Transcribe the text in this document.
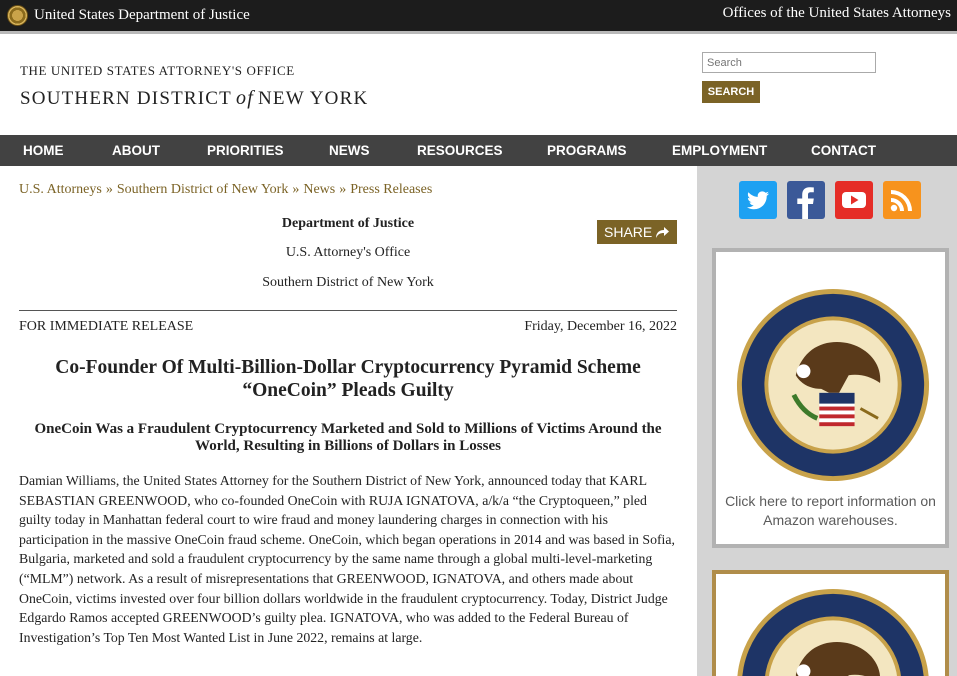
United States Department of Justice	Offices of the United States Attorneys
THE UNITED STATES ATTORNEY'S OFFICE
SOUTHERN DISTRICT of NEW YORK
Search	SEARCH
HOME	ABOUT	PRIORITIES	NEWS	RESOURCES	PROGRAMS	EMPLOYMENT	CONTACT
U.S. Attorneys » Southern District of New York » News » Press Releases
Department of Justice
U.S. Attorney's Office
Southern District of New York
SHARE
FOR IMMEDIATE RELEASE	Friday, December 16, 2022
Co-Founder Of Multi-Billion-Dollar Cryptocurrency Pyramid Scheme “OneCoin” Pleads Guilty
OneCoin Was a Fraudulent Cryptocurrency Marketed and Sold to Millions of Victims Around the World, Resulting in Billions of Dollars in Losses

Damian Williams, the United States Attorney for the Southern District of New York, announced today that KARL SEBASTIAN GREENWOOD, who co-founded OneCoin with RUJA IGNATOVA, a/k/a “the Cryptoqueen,” pled guilty today in Manhattan federal court to wire fraud and money laundering charges in connection with his participation in the massive OneCoin fraud scheme. OneCoin, which began operations in 2014 and was based in Sofia, Bulgaria, marketed and sold a fraudulent cryptocurrency by the same name through a global multi-level-marketing (“MLM”) network. As a result of misrepresentations that GREENWOOD, IGNATOVA, and others made about OneCoin, victims invested over four billion dollars worldwide in the fraudulent cryptocurrency. Today, District Judge Edgardo Ramos accepted GREENWOOD’s guilty plea. IGNATOVA, who was added to the Federal Bureau of Investigation’s Top Ten Most Wanted List in June 2022, remains at large.

Click here to report information on Amazon warehouses.
